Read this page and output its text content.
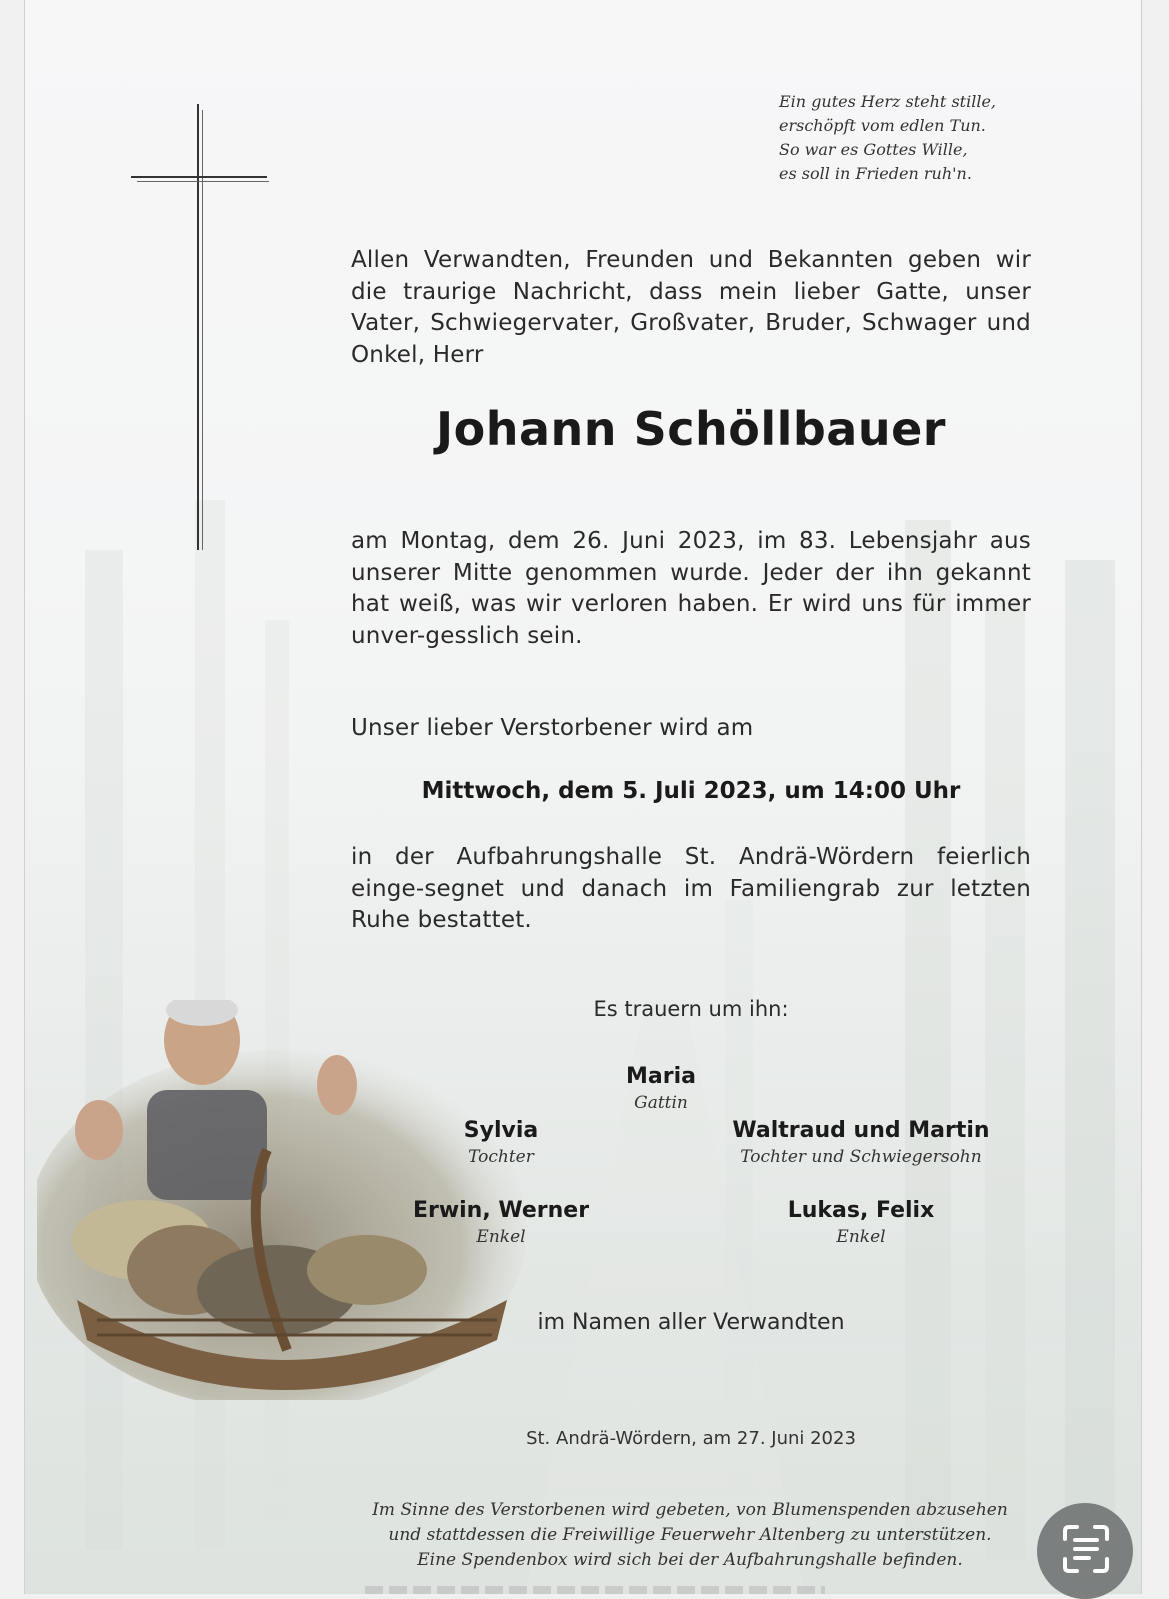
Ein gutes Herz steht stille,
erschöpft vom edlen Tun.
So war es Gottes Wille,
es soll in Frieden ruh'n.
Allen Verwandten, Freunden und Bekannten geben wir die traurige Nachricht, dass mein lieber Gatte, unser Vater, Schwiegervater, Großvater, Bruder, Schwager und Onkel, Herr
Johann Schöllbauer
am Montag, dem 26. Juni 2023, im 83. Lebensjahr aus unserer Mitte genommen wurde. Jeder der ihn gekannt hat weiß, was wir verloren haben. Er wird uns für immer unver-gesslich sein.
Unser lieber Verstorbener wird am
Mittwoch, dem 5. Juli 2023, um 14:00 Uhr
in der Aufbahrungshalle St. Andrä-Wördern feierlich einge-segnet und danach im Familiengrab zur letzten Ruhe bestattet.
Es trauern um ihn:
Maria
Gattin
Sylvia
Tochter
Waltraud und Martin
Tochter und Schwiegersohn
Erwin, Werner
Enkel
Lukas, Felix
Enkel
im Namen aller Verwandten
St. Andrä-Wördern, am 27. Juni 2023
Im Sinne des Verstorbenen wird gebeten, von Blumenspenden abzusehen
und stattdessen die Freiwillige Feuerwehr Altenberg zu unterstützen.
Eine Spendenbox wird sich bei der Aufbahrungshalle befinden.
